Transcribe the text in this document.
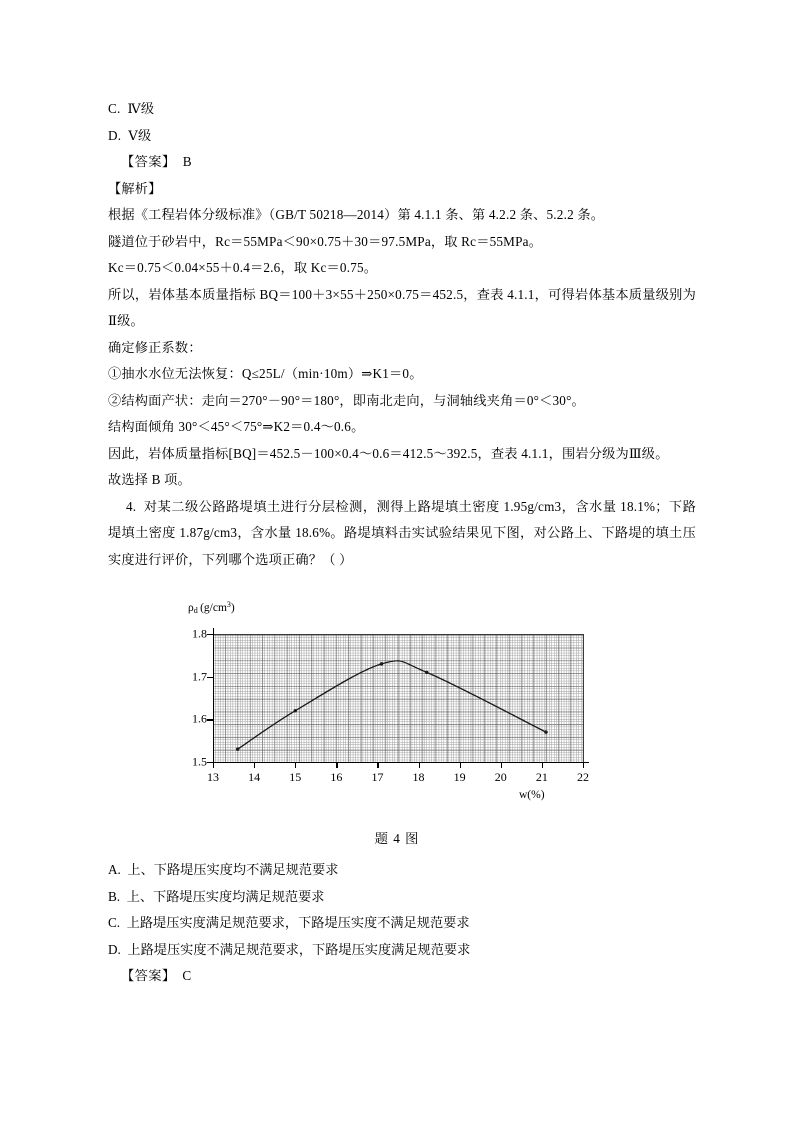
C. Ⅳ级
D. Ⅴ级
【答案】 B
【解析】
根据《工程岩体分级标准》（GB/T 50218—2014）第 4.1.1 条、第 4.2.2 条、5.2.2 条。
隧道位于砂岩中，Rc＝55MPa＜90×0.75＋30＝97.5MPa，取 Rc＝55MPa。
Kc＝0.75＜0.04×55＋0.4＝2.6，取 Kc＝0.75。
所以，岩体基本质量指标 BQ＝100＋3×55＋250×0.75＝452.5，查表 4.1.1，可得岩体基本质量级别为Ⅱ级。
确定修正系数：
①抽水水位无法恢复：Q≤25L/（min·10m）⇒K1＝0。
②结构面产状：走向＝270°－90°＝180°，即南北走向，与洞轴线夹角＝0°＜30°。
结构面倾角 30°＜45°＜75°⇒K2＝0.4～0.6。
因此，岩体质量指标[BQ]＝452.5－100×0.4～0.6＝412.5～392.5，查表 4.1.1，围岩分级为Ⅲ级。
故选择 B 项。
4. 对某二级公路路堤填土进行分层检测，测得上路堤填土密度 1.95g/cm3，含水量 18.1%；下路堤填土密度 1.87g/cm3，含水量 18.6%。路堤填料击实试验结果见下图，对公路上、下路堤的填土压实度进行评价，下列哪个选项正确？（ ）
$\rho_d$  $(g/cm^3)$
1.8
1.7
1.6
1.5
13 14 15 16 17 18 19 20 21 22
w(%)
题 4 图
A. 上、下路堤压实度均不满足规范要求
B. 上、下路堤压实度均满足规范要求
C. 上路堤压实度满足规范要求，下路堤压实度不满足规范要求
D. 上路堤压实度不满足规范要求，下路堤压实度满足规范要求
【答案】 C
